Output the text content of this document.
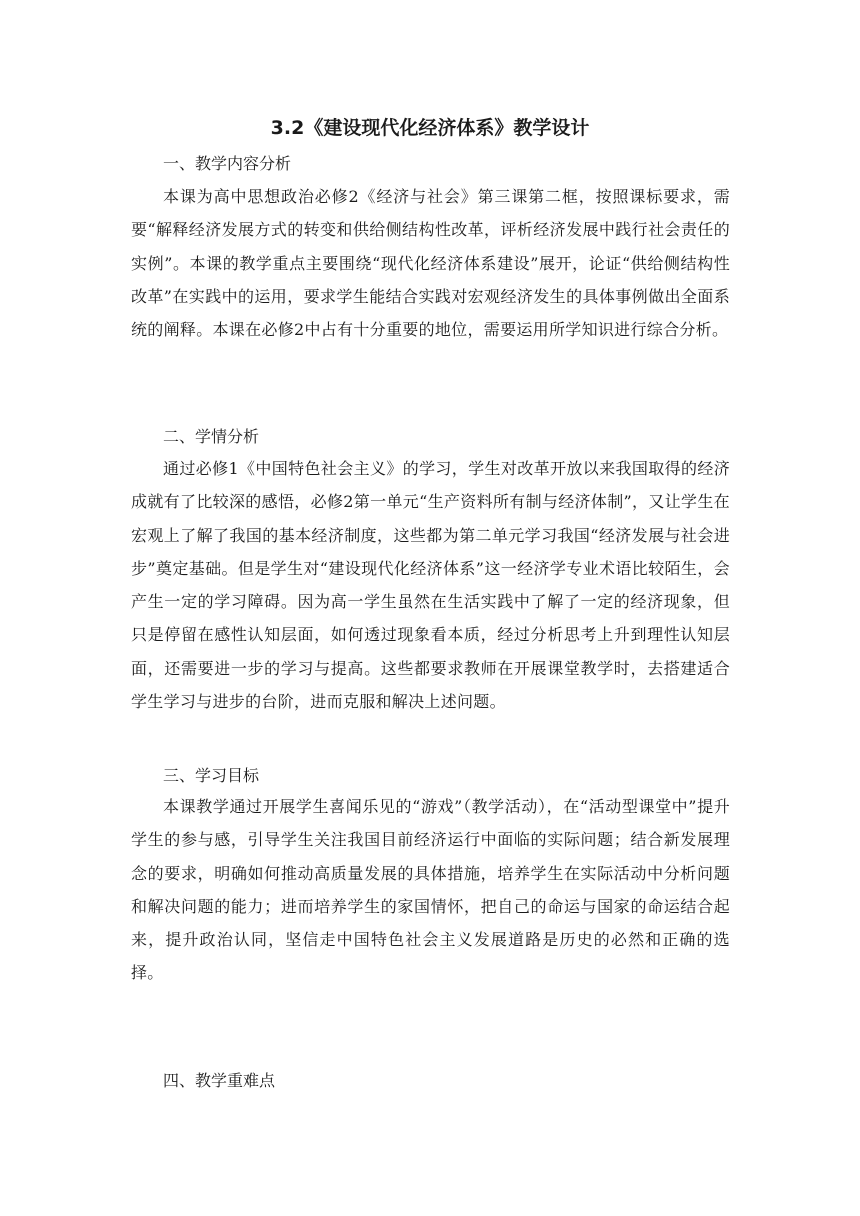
3.2《建设现代化经济体系》教学设计
一、教学内容分析

本课为高中思想政治必修2《经济与社会》第三课第二框，按照课标要求，需要“解释经济发展方式的转变和供给侧结构性改革，评析经济发展中践行社会责任的实例”。本课的教学重点主要围绕“现代化经济体系建设”展开，论证“供给侧结构性改革”在实践中的运用，要求学生能结合实践对宏观经济发生的具体事例做出全面系统的阐释。本课在必修2中占有十分重要的地位，需要运用所学知识进行综合分析。

二、学情分析

通过必修1《中国特色社会主义》的学习，学生对改革开放以来我国取得的经济成就有了比较深的感悟，必修2第一单元“生产资料所有制与经济体制”，又让学生在宏观上了解了我国的基本经济制度，这些都为第二单元学习我国“经济发展与社会进步”奠定基础。但是学生对“建设现代化经济体系”这一经济学专业术语比较陌生，会产生一定的学习障碍。因为高一学生虽然在生活实践中了解了一定的经济现象，但只是停留在感性认知层面，如何透过现象看本质，经过分析思考上升到理性认知层面，还需要进一步的学习与提高。这些都要求教师在开展课堂教学时，去搭建适合学生学习与进步的台阶，进而克服和解决上述问题。

三、学习目标

本课教学通过开展学生喜闻乐见的“游戏”（教学活动），在“活动型课堂中”提升学生的参与感，引导学生关注我国目前经济运行中面临的实际问题；结合新发展理念的要求，明确如何推动高质量发展的具体措施，培养学生在实际活动中分析问题和解决问题的能力；进而培养学生的家国情怀，把自己的命运与国家的命运结合起来，提升政治认同，坚信走中国特色社会主义发展道路是历史的必然和正确的选择。

四、教学重难点
